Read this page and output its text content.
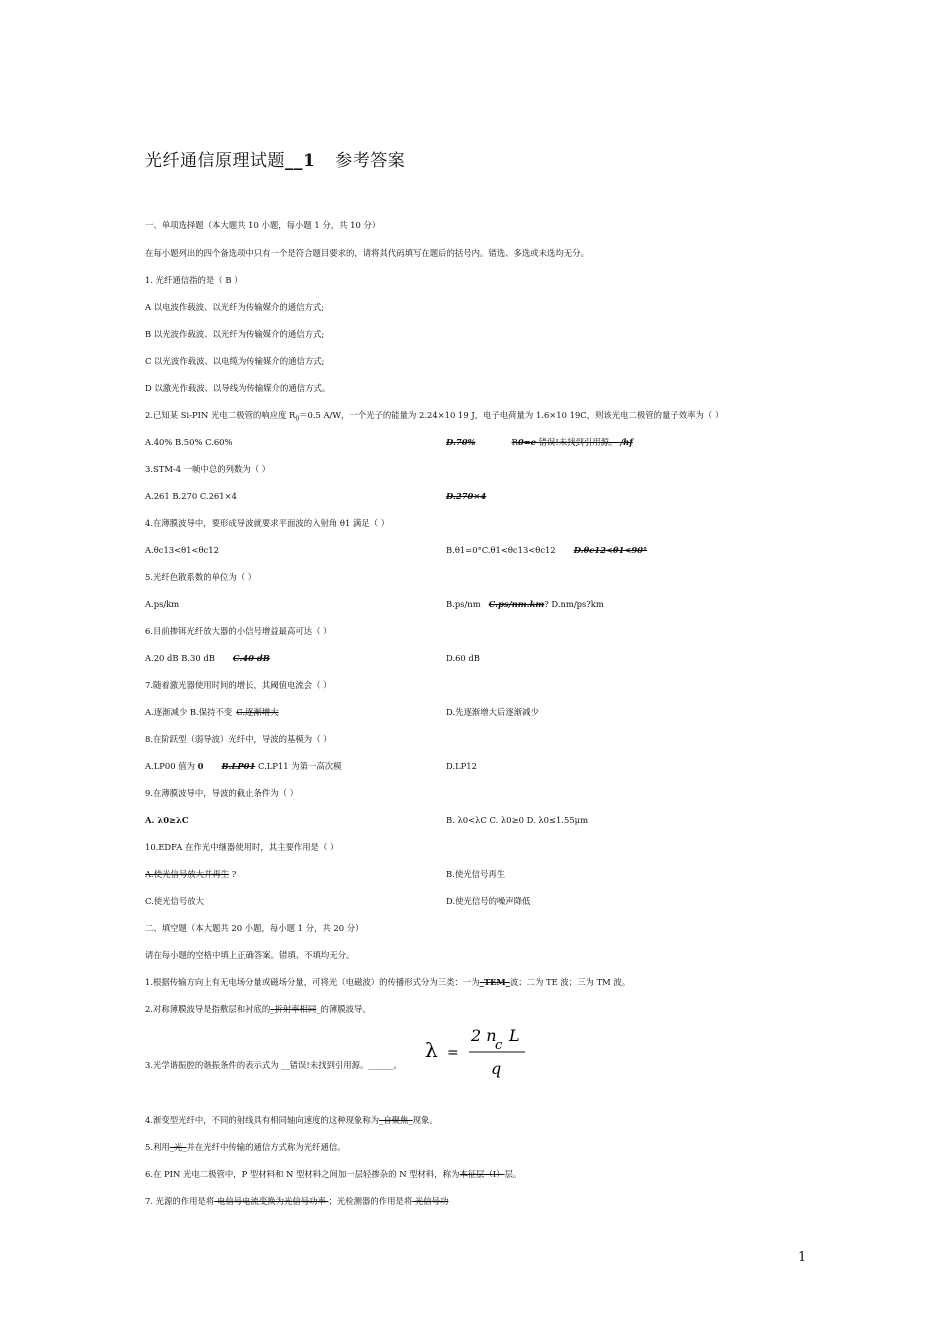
光纤通信原理试题__1 参考答案
一、单项选择题（本大题共 10 小题，每小题 1 分，共 10 分）
在每小题列出的四个备选项中只有一个是符合题目要求的，请将其代码填写在题后的括号内。错选、多选或未选均无分。
1. 光纤通信指的是（ B ）
A 以电波作载波、以光纤为传输媒介的通信方式;
B 以光波作载波、以光纤为传输媒介的通信方式;
C 以光波作载波、以电缆为传输媒介的通信方式;
D 以激光作载波、以导线为传输媒介的通信方式。
2.已知某 Si-PIN 光电二极管的响应度 $R_0=0.5$ A/W，一个光子的能量为 2.24×10 19 J，电子电荷量为 1.6×10 19C，则该光电二极管的量子效率为（ ）
A.40% B.50% C.60%	D.70%	R0=e 错误!未找到引用源。 /hf
3.STM-4 一帧中总的列数为（ ）
A.261 B.270 C.261×4	D.270×4
4.在薄膜波导中，要形成导波就要求平面波的入射角 θ1 满足（ ）
A.θc13<θ1<θc12	B.θ1=0°C.θ1<θc13<θc12 D.θc12<θ1<90°
5.光纤色散系数的单位为（ ）
A.ps/km	B.ps/nm C.ps/nm.km? D.nm/ps?km
6.目前掺铒光纤放大器的小信号增益最高可达（ ）
A.20 dB B.30 dB C.40 dB	D.60 dB
7.随着激光器使用时间的增长，其阈值电流会（ ）
A.逐渐减少 B.保持不变 C.逐渐增大	D.先逐渐增大后逐渐减少
8.在阶跃型（弱导波）光纤中，导波的基模为（ ）
A.LP00 值为 0 B.LP01 C.LP11 为第一高次模	D.LP12
9.在薄膜波导中，导波的截止条件为（ ）
A. λ0≥λC	B. λ0<λC C. λ0≥0 D. λ0≤1.55μm
10.EDFA 在作光中继器使用时，其主要作用是（ ）
A.使光信号放大并再生 ?	B.使光信号再生
C.使光信号放大	D.使光信号的噪声降低
二、填空题（本大题共 20 小题，每小题 1 分，共 20 分）
请在每小题的空格中填上正确答案。错填、不填均无分。
1.根据传输方向上有无电场分量或磁场分量，可将光（电磁波）的传播形式分为三类：一为_TEM_波；二为 TE 波；三为 TM 波。
2.对称薄膜波导是指敷层和衬底的_折射率相同_的薄膜波导。
3.光学谐振腔的谐振条件的表示式为 __错误!未找到引用源。______。
λ =
2 n
c
L
q
4.渐变型光纤中，不同的射线具有相同轴向速度的这种现象称为_自聚焦_现象。
5.利用_光_并在光纤中传输的通信方式称为光纤通信。
6.在 PIN 光电二极管中，P 型材料和 N 型材料之间加一层轻掺杂的 N 型材料，称为本征层（I）层。
7. 光源的作用是将 电信号电流变换为光信号功率 ；光检测器的作用是将 光信号功
1
